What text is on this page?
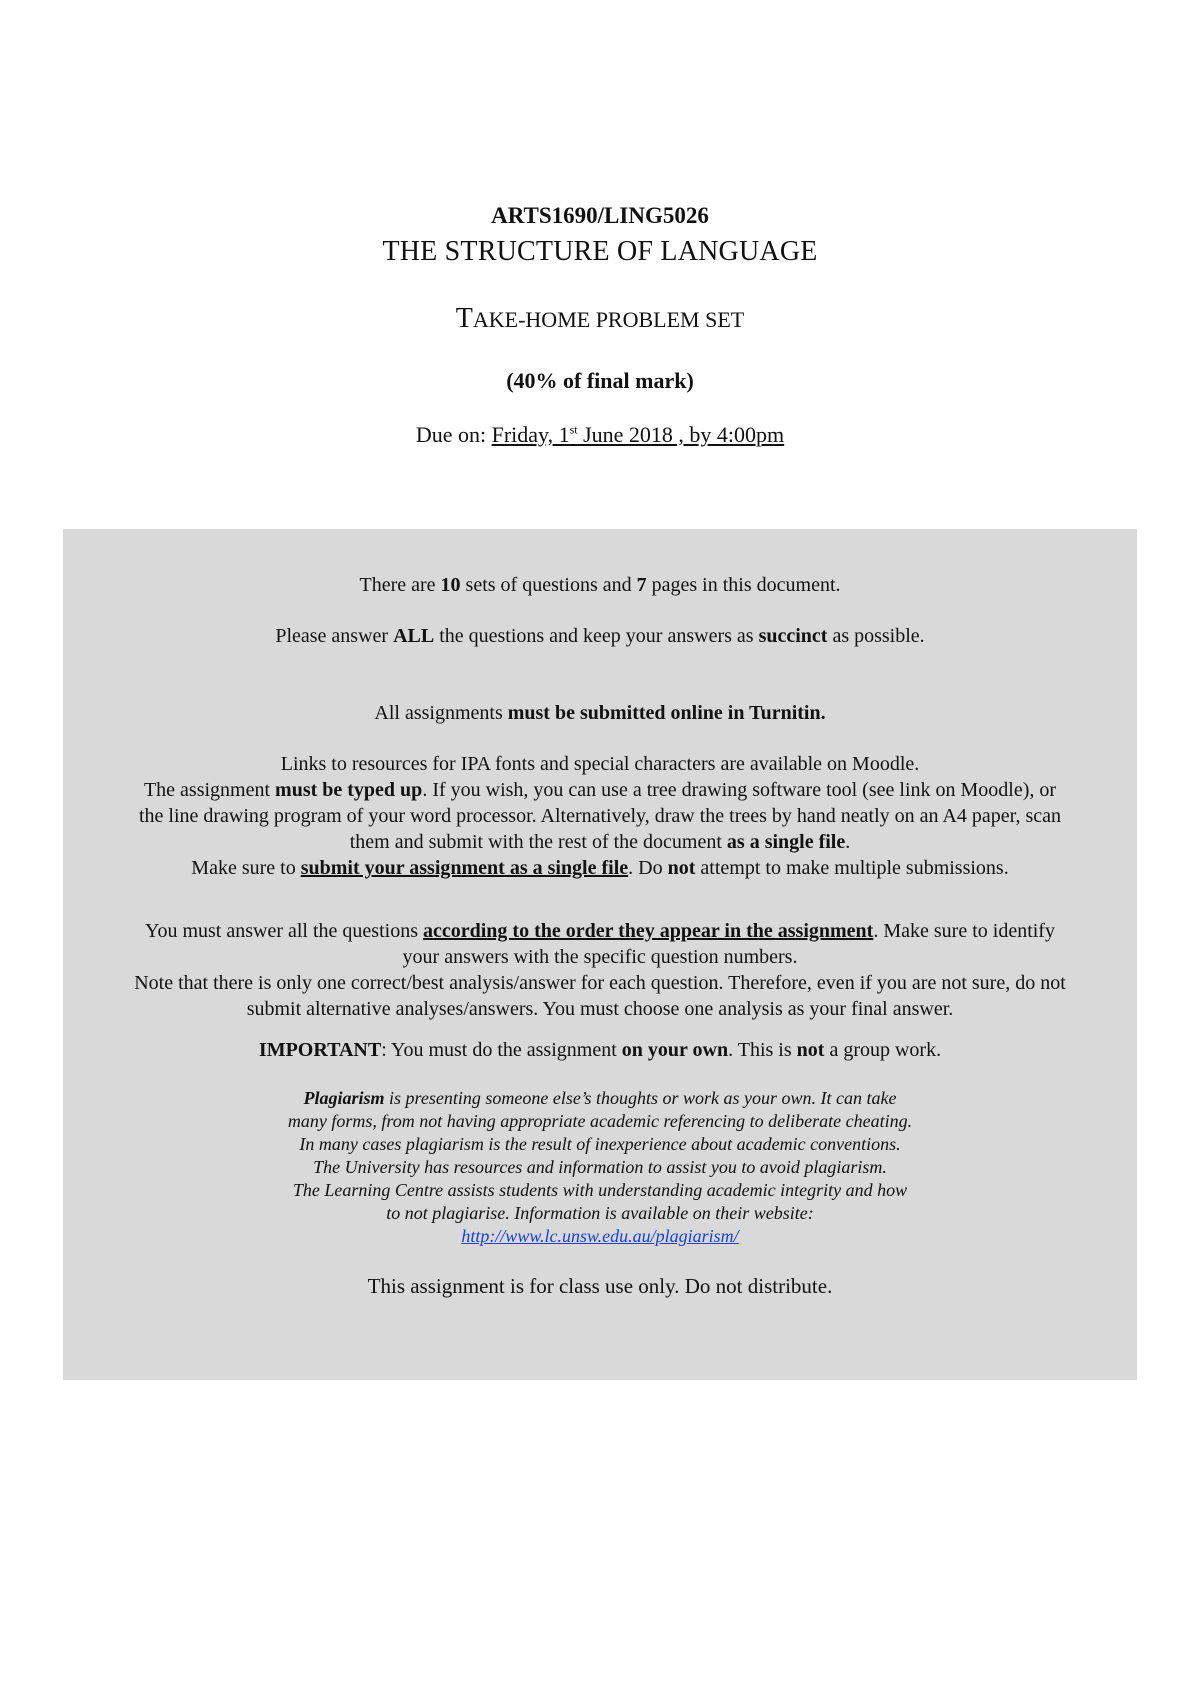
ARTS1690/LING5026
THE STRUCTURE OF LANGUAGE
TAKE-HOME PROBLEM SET
(40% of final mark)
Due on: Friday, 1st June 2018 , by 4:00pm

There are 10 sets of questions and 7 pages in this document.

Please answer ALL the questions and keep your answers as succinct as possible.

All assignments must be submitted online in Turnitin.

Links to resources for IPA fonts and special characters are available on Moodle.
The assignment must be typed up. If you wish, you can use a tree drawing software tool (see link on Moodle), or
the line drawing program of your word processor. Alternatively, draw the trees by hand neatly on an A4 paper, scan
them and submit with the rest of the document as a single file.
Make sure to submit your assignment as a single file. Do not attempt to make multiple submissions.

You must answer all the questions according to the order they appear in the assignment. Make sure to identify
your answers with the specific question numbers.
Note that there is only one correct/best analysis/answer for each question. Therefore, even if you are not sure, do not
submit alternative analyses/answers. You must choose one analysis as your final answer.

IMPORTANT: You must do the assignment on your own. This is not a group work.

Plagiarism is presenting someone else’s thoughts or work as your own. It can take
many forms, from not having appropriate academic referencing to deliberate cheating.
In many cases plagiarism is the result of inexperience about academic conventions.
The University has resources and information to assist you to avoid plagiarism.
The Learning Centre assists students with understanding academic integrity and how
to not plagiarise. Information is available on their website:
http://www.lc.unsw.edu.au/plagiarism/

This assignment is for class use only. Do not distribute.
